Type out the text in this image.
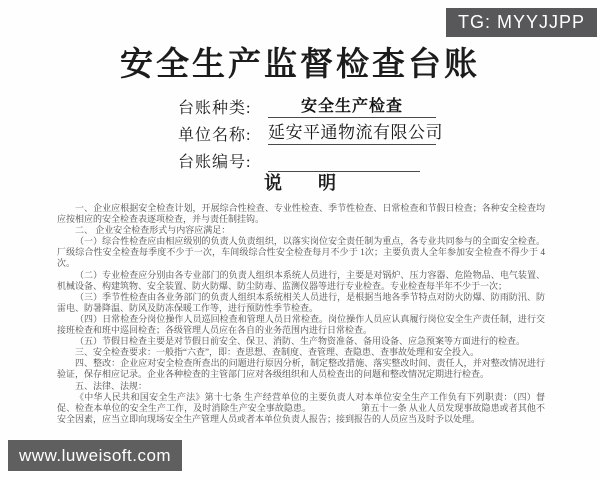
TG: MYYJJPP
安全生产监督检查台账
台账种类:	安全生产检查
单位名称: 延安平通物流有限公司
台账编号:
说　　明

一、企业应根据安全检查计划，开展综合性检查、专业性检查、季节性检查、日常检查和节假日检查；各种安全检查均应按相应的安全检查表逐项检查，并与责任制挂钩。

二、 企业安全检查形式与内容应满足：

（一）综合性检查应由相应级别的负责人负责组织，以落实岗位安全责任制为重点，各专业共同参与的全面安全检查。厂级综合性安全检查每季度不少于一次，车间级综合性安全检查每月不少于 1次；主要负责人全年参加安全检查不得少于 4次。

（二）专业检查应分别由各专业部门的负责人组织本系统人员进行，主要是对锅炉、压力容器、危险物品、电气装置、机械设备、构建筑物、安全装置、防火防爆、防尘防毒、监测仪器等进行专业检查。专业检查每半年不少于一次；

（三）季节性检查由各业务部门的负责人组织本系统相关人员进行，是根据当地各季节特点对防火防爆、防雨防汛、防雷电、防暑降温、防风及防冻保暖工作等，进行预防性季节检查。

（四）日常检查分岗位操作人员巡回检查和管理人员日常检查。岗位操作人员应认真履行岗位安全生产责任制，进行交接班检查和班中巡回检查；各级管理人员应在各自的业务范围内进行日常检查。

（五）节假日检查主要是对节假日前安全、保卫、消防、生产物资准备、备用设备、应急预案等方面进行的检查。

三、安全检查要求：一般指“六查”，即：查思想、查制度、查管理、查隐患、查事故处理和安全投入。

四、整改：企业应对安全检查所查出的问题进行原因分析，制定整改措施、落实整改时间、责任人，并对整改情况进行验证，保存相应记录。企业各种检查的主管部门应对各级组织和人员检查出的问题和整改情况定期进行检查。

五、法律、法规：

《中华人民共和国安全生产法》第十七条 生产经营单位的主要负责人对本单位安全生产工作负有下列职责：（四）督促、检查本单位的安全生产工作，及时消除生产安全事故隐患。　　　　　　第五十一条 从业人员发现事故隐患或者其他不安全因素，应当立即向现场安全生产管理人员或者本单位负责人报告；接到报告的人员应当及时予以处理。

www.luweisoft.com
